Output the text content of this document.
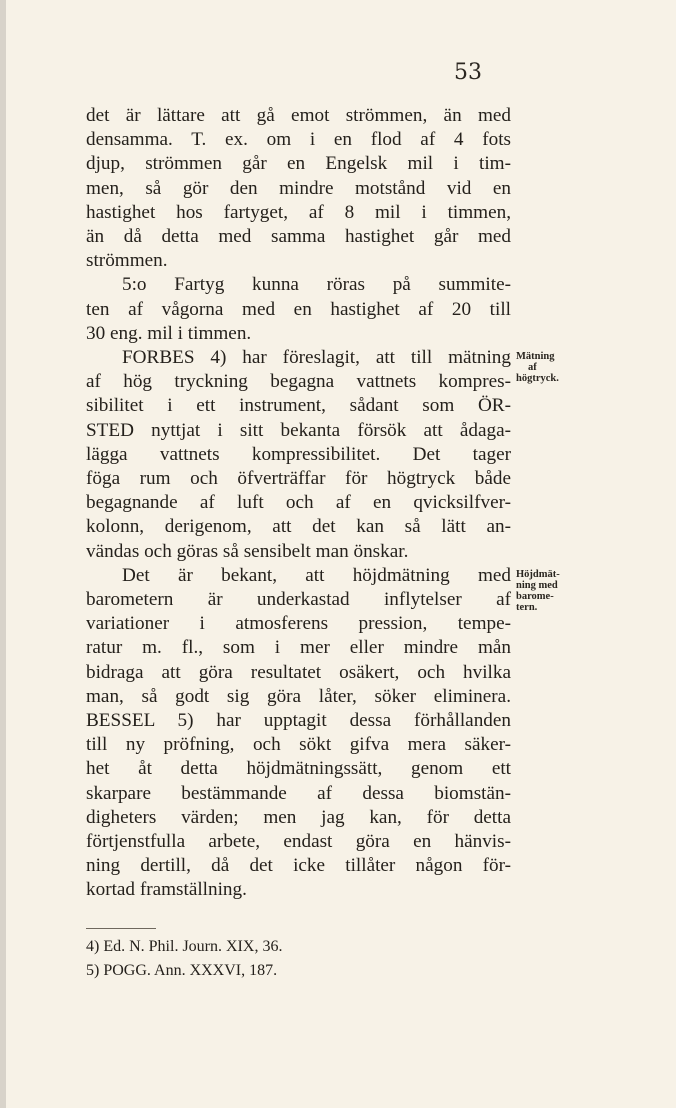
53
det är lättare att gå emot strömmen, än med
densamma. T. ex. om i en flod af 4 fots
djup, strömmen går en Engelsk mil i tim-
men, så gör den mindre motstånd vid en
hastighet hos fartyget, af 8 mil i timmen,
än då detta med samma hastighet går med
strömmen.
5:o Fartyg kunna röras på summite-
ten af vågorna med en hastighet af 20 till
30 eng. mil i timmen.
FORBES 4) har föreslagit, att till mätning
af hög tryckning begagna vattnets kompres-
sibilitet i ett instrument, sådant som ÖR-
STED nyttjat i sitt bekanta försök att ådaga-
lägga vattnets kompressibilitet. Det tager
föga rum och öfverträffar för högtryck både
begagnande af luft och af en qvicksilfver-
kolonn, derigenom, att det kan så lätt an-
vändas och göras så sensibelt man önskar.
Det är bekant, att höjdmätning med
barometern är underkastad inflytelser af
variationer i atmosferens pression, tempe-
ratur m. fl., som i mer eller mindre mån
bidraga att göra resultatet osäkert, och hvilka
man, så godt sig göra låter, söker eliminera.
BESSEL 5) har upptagit dessa förhållanden
till ny pröfning, och sökt gifva mera säker-
het åt detta höjdmätningssätt, genom ett
skarpare bestämmande af dessa biomstän-
digheters värden; men jag kan, för detta
förtjenstfulla arbete, endast göra en hänvis-
ning dertill, då det icke tillåter någon för-
kortad framställning.
Mätning
af
högtryck.
Höjdmät-
ning med
barome-
tern.
4) Ed. N. Phil. Journ. XIX, 36.
5) POGG. Ann. XXXVI, 187.
